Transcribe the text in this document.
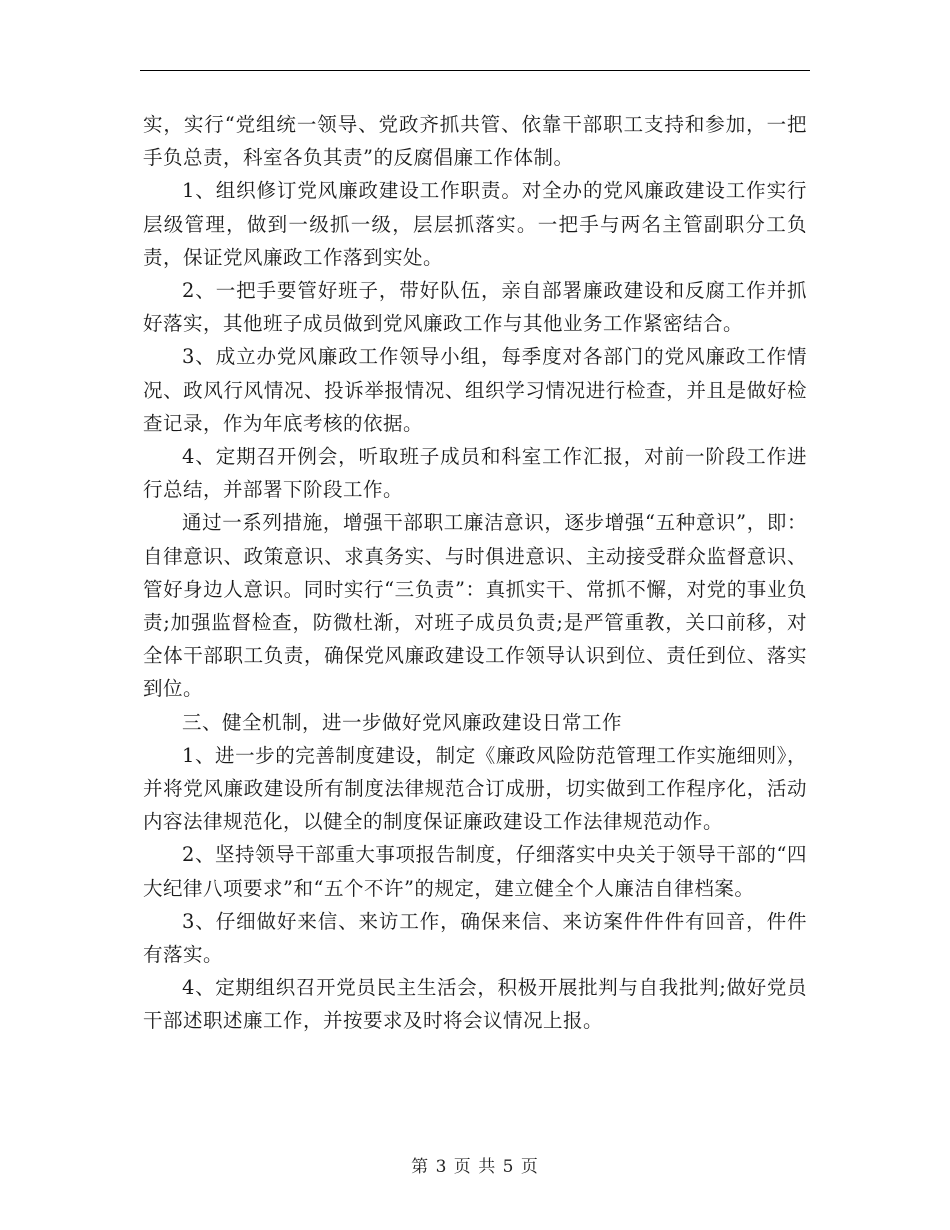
实，实行“党组统一领导、党政齐抓共管、依靠干部职工支持和参加，一把手负总责，科室各负其责”的反腐倡廉工作体制。

1、组织修订党风廉政建设工作职责。对全办的党风廉政建设工作实行层级管理，做到一级抓一级，层层抓落实。一把手与两名主管副职分工负责，保证党风廉政工作落到实处。

2、一把手要管好班子，带好队伍，亲自部署廉政建设和反腐工作并抓好落实，其他班子成员做到党风廉政工作与其他业务工作紧密结合。

3、成立办党风廉政工作领导小组，每季度对各部门的党风廉政工作情况、政风行风情况、投诉举报情况、组织学习情况进行检查，并且是做好检查记录，作为年底考核的依据。

4、定期召开例会，听取班子成员和科室工作汇报，对前一阶段工作进行总结，并部署下阶段工作。

通过一系列措施，增强干部职工廉洁意识，逐步增强“五种意识”，即：自律意识、政策意识、求真务实、与时俱进意识、主动接受群众监督意识、管好身边人意识。同时实行“三负责”：真抓实干、常抓不懈，对党的事业负责;加强监督检查，防微杜渐，对班子成员负责;是严管重教，关口前移，对全体干部职工负责，确保党风廉政建设工作领导认识到位、责任到位、落实到位。

三、健全机制，进一步做好党风廉政建设日常工作

1、进一步的完善制度建设，制定《廉政风险防范管理工作实施细则》，并将党风廉政建设所有制度法律规范合订成册，切实做到工作程序化，活动内容法律规范化，以健全的制度保证廉政建设工作法律规范动作。

2、坚持领导干部重大事项报告制度，仔细落实中央关于领导干部的“四大纪律八项要求”和“五个不许”的规定，建立健全个人廉洁自律档案。

3、仔细做好来信、来访工作，确保来信、来访案件件件有回音，件件有落实。

4、定期组织召开党员民主生活会，积极开展批判与自我批判;做好党员干部述职述廉工作，并按要求及时将会议情况上报。

第 3 页 共 5 页
